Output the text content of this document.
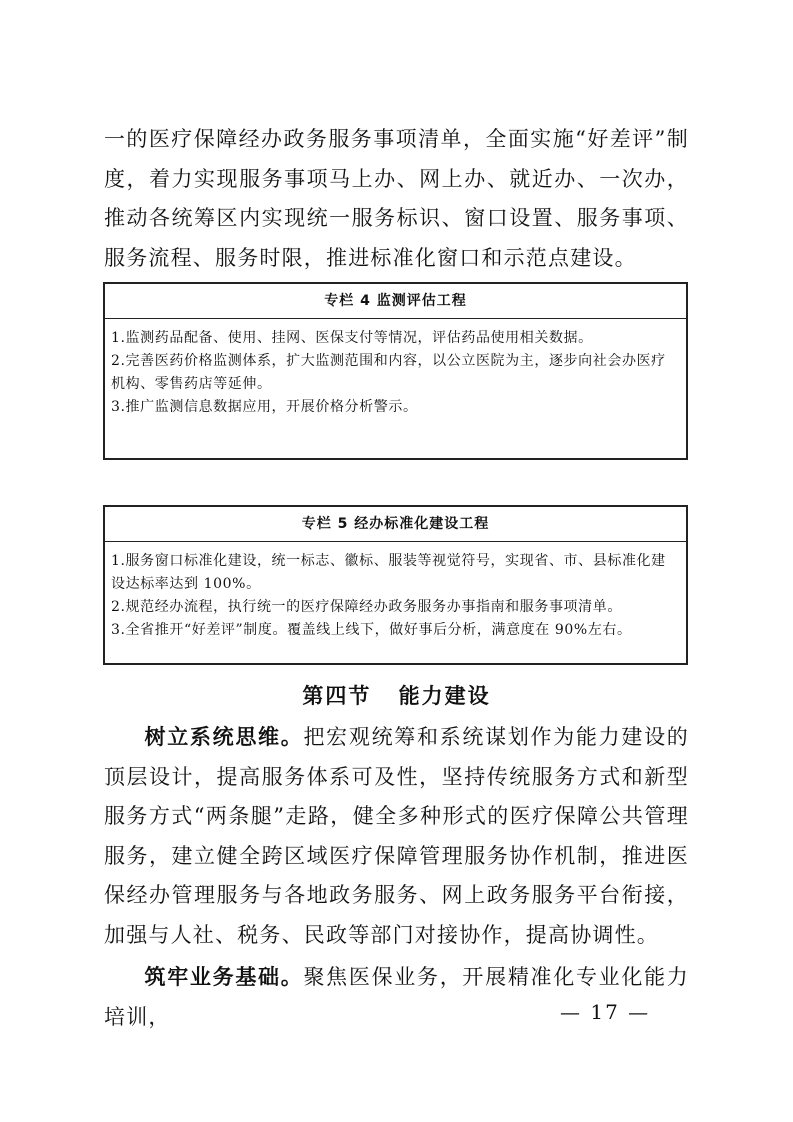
一的医疗保障经办政务服务事项清单，全面实施“好差评”制度，着力实现服务事项马上办、网上办、就近办、一次办，推动各统筹区内实现统一服务标识、窗口设置、服务事项、服务流程、服务时限，推进标准化窗口和示范点建设。

专栏 4 监测评估工程

1.监测药品配备、使用、挂网、医保支付等情况，评估药品使用相关数据。

2.完善医药价格监测体系，扩大监测范围和内容，以公立医院为主，逐步向社会办医疗机构、零售药店等延伸。

3.推广监测信息数据应用，开展价格分析警示。

专栏 5 经办标准化建设工程

1.服务窗口标准化建设，统一标志、徽标、服装等视觉符号，实现省、市、县标准化建设达标率达到 100%。

2.规范经办流程，执行统一的医疗保障经办政务服务办事指南和服务事项清单。

3.全省推开“好差评”制度。覆盖线上线下，做好事后分析，满意度在 90%左右。

第四节 能力建设

树立系统思维。把宏观统筹和系统谋划作为能力建设的顶层设计，提高服务体系可及性，坚持传统服务方式和新型服务方式“两条腿”走路，健全多种形式的医疗保障公共管理服务，建立健全跨区域医疗保障管理服务协作机制，推进医保经办管理服务与各地政务服务、网上政务服务平台衔接，加强与人社、税务、民政等部门对接协作，提高协调性。

筑牢业务基础。聚焦医保业务，开展精准化专业化能力培训，	— 17 —
